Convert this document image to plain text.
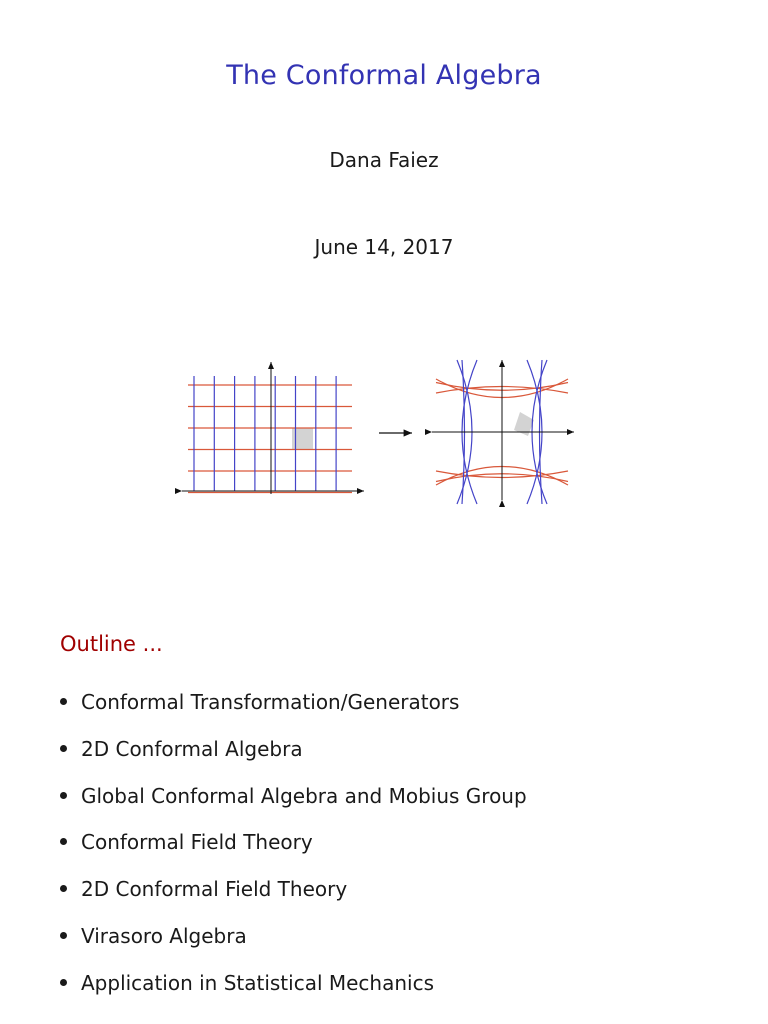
The Conformal Algebra
Dana Faiez
June 14, 2017
Outline ...
Conformal Transformation/Generators
2D Conformal Algebra
Global Conformal Algebra and Mobius Group
Conformal Field Theory
2D Conformal Field Theory
Virasoro Algebra
Application in Statistical Mechanics
